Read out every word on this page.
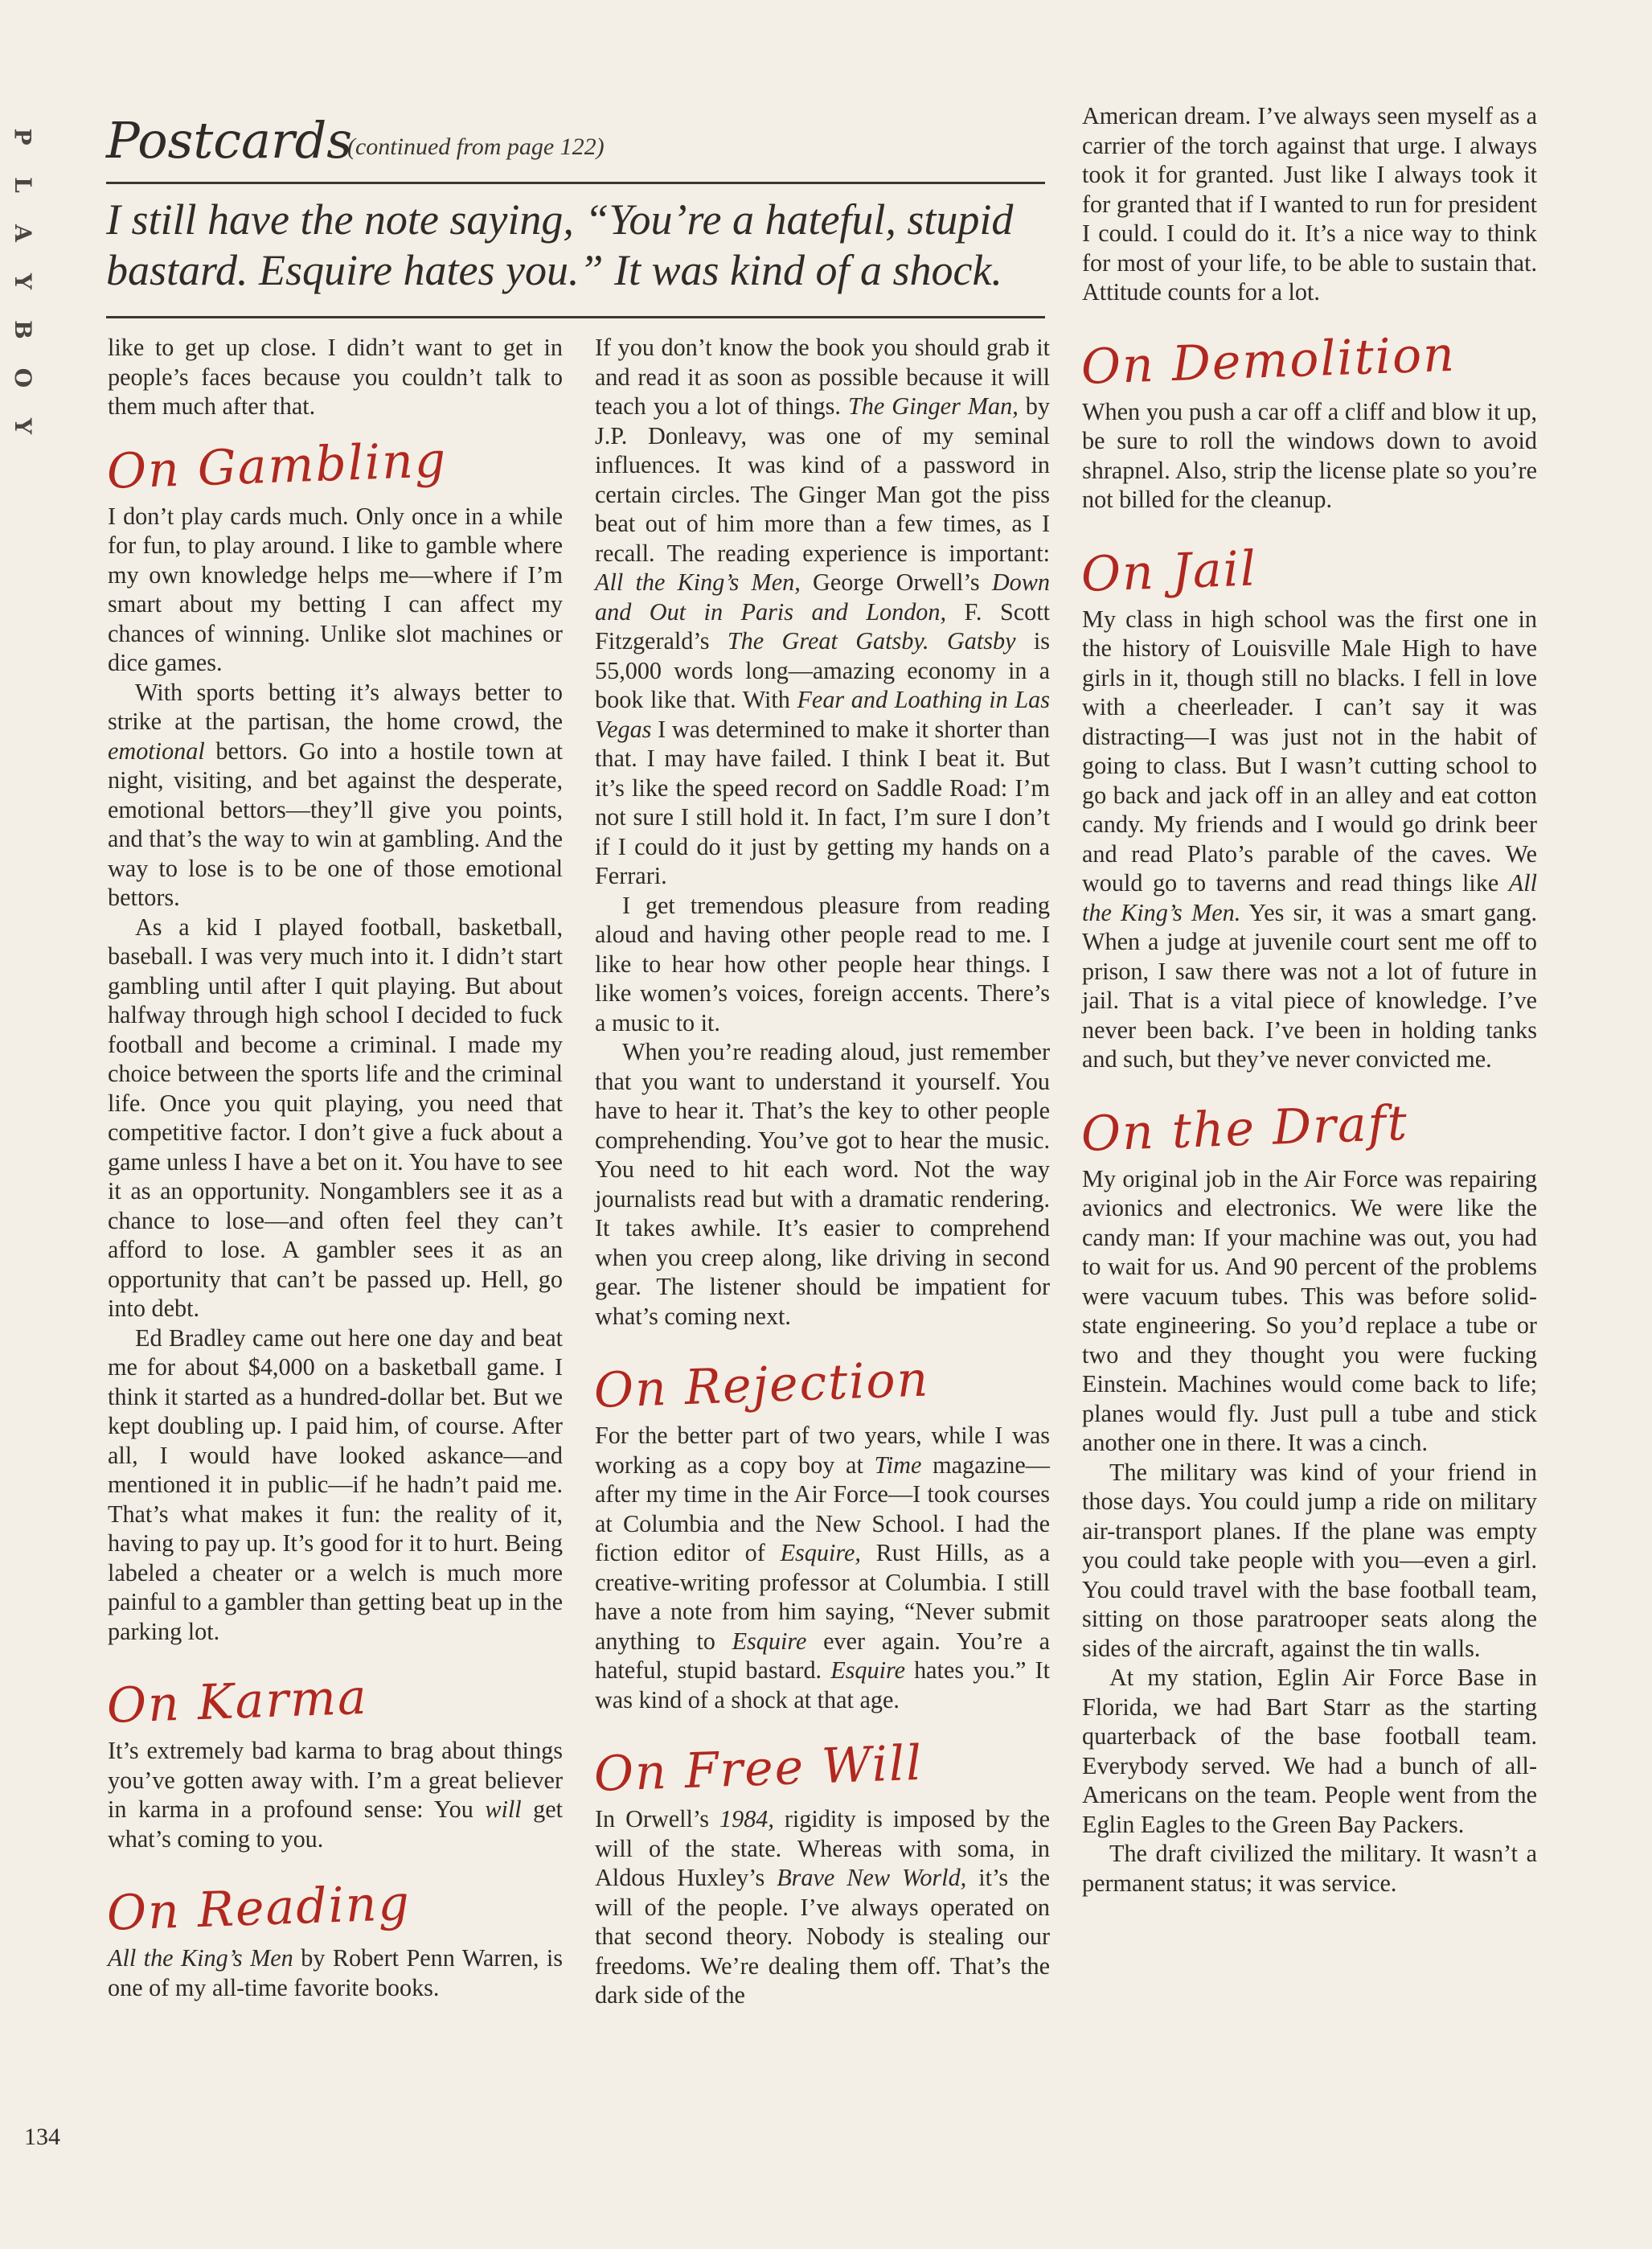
P
L
A
Y
B
O
Y
Postcards
(continued from page 122)
I still have the note saying, “You’re a hateful, stupid bastard. Esquire hates you.” It was kind of a shock.

like to get up close. I didn’t want to get in people’s faces because you couldn’t talk to them much after that.

On Gambling

I don’t play cards much. Only once in a while for fun, to play around. I like to gamble where my own knowledge helps me—where if I’m smart about my betting I can affect my chances of winning. Unlike slot machines or dice games.

With sports betting it’s always better to strike at the partisan, the home crowd, the emotional bettors. Go into a hostile town at night, visiting, and bet against the desperate, emotional bettors—they’ll give you points, and that’s the way to win at gambling. And the way to lose is to be one of those emotional bettors.

As a kid I played football, basketball, baseball. I was very much into it. I didn’t start gambling until after I quit playing. But about halfway through high school I decided to fuck football and become a criminal. I made my choice between the sports life and the criminal life. Once you quit playing, you need that competitive factor. I don’t give a fuck about a game unless I have a bet on it. You have to see it as an opportunity. Nongamblers see it as a chance to lose—and often feel they can’t afford to lose. A gambler sees it as an opportunity that can’t be passed up. Hell, go into debt.

Ed Bradley came out here one day and beat me for about $4,000 on a basketball game. I think it started as a hundred-dollar bet. But we kept doubling up. I paid him, of course. After all, I would have looked askance—and mentioned it in public—if he hadn’t paid me. That’s what makes it fun: the reality of it, having to pay up. It’s good for it to hurt. Being labeled a cheater or a welch is much more painful to a gambler than getting beat up in the parking lot.

On Karma

It’s extremely bad karma to brag about things you’ve gotten away with. I’m a great believer in karma in a profound sense: You will get what’s coming to you.

On Reading

All the King’s Men by Robert Penn Warren, is one of my all-time favorite books.

If you don’t know the book you should grab it and read it as soon as possible because it will teach you a lot of things. The Ginger Man, by J.P. Donleavy, was one of my seminal influences. It was kind of a password in certain circles. The Ginger Man got the piss beat out of him more than a few times, as I recall. The reading experience is important: All the King’s Men, George Orwell’s Down and Out in Paris and London, F. Scott Fitzgerald’s The Great Gatsby. Gatsby is 55,000 words long—amazing economy in a book like that. With Fear and Loathing in Las Vegas I was determined to make it shorter than that. I may have failed. I think I beat it. But it’s like the speed record on Saddle Road: I’m not sure I still hold it. In fact, I’m sure I don’t if I could do it just by getting my hands on a Ferrari.

I get tremendous pleasure from reading aloud and having other people read to me. I like to hear how other people hear things. I like women’s voices, foreign accents. There’s a music to it.

When you’re reading aloud, just remember that you want to understand it yourself. You have to hear it. That’s the key to other people comprehending. You’ve got to hear the music. You need to hit each word. Not the way journalists read but with a dramatic rendering. It takes awhile. It’s easier to comprehend when you creep along, like driving in second gear. The listener should be impatient for what’s coming next.

On Rejection

For the better part of two years, while I was working as a copy boy at Time magazine—after my time in the Air Force—I took courses at Columbia and the New School. I had the fiction editor of Esquire, Rust Hills, as a creative-writing professor at Columbia. I still have a note from him saying, “Never submit anything to Esquire ever again. You’re a hateful, stupid bastard. Esquire hates you.” It was kind of a shock at that age.

On Free Will

In Orwell’s 1984, rigidity is imposed by the will of the state. Whereas with soma, in Aldous Huxley’s Brave New World, it’s the will of the people. I’ve always operated on that second theory. Nobody is stealing our freedoms. We’re dealing them off. That’s the dark side of the

American dream. I’ve always seen myself as a carrier of the torch against that urge. I always took it for granted. Just like I always took it for granted that if I wanted to run for president I could. I could do it. It’s a nice way to think for most of your life, to be able to sustain that. Attitude counts for a lot.

On Demolition

When you push a car off a cliff and blow it up, be sure to roll the windows down to avoid shrapnel. Also, strip the license plate so you’re not billed for the cleanup.

On Jail

My class in high school was the first one in the history of Louisville Male High to have girls in it, though still no blacks. I fell in love with a cheerleader. I can’t say it was distracting—I was just not in the habit of going to class. But I wasn’t cutting school to go back and jack off in an alley and eat cotton candy. My friends and I would go drink beer and read Plato’s parable of the caves. We would go to taverns and read things like All the King’s Men. Yes sir, it was a smart gang. When a judge at juvenile court sent me off to prison, I saw there was not a lot of future in jail. That is a vital piece of knowledge. I’ve never been back. I’ve been in holding tanks and such, but they’ve never convicted me.

On the Draft

My original job in the Air Force was repairing avionics and electronics. We were like the candy man: If your machine was out, you had to wait for us. And 90 percent of the problems were vacuum tubes. This was before solid-state engineering. So you’d replace a tube or two and they thought you were fucking Einstein. Machines would come back to life; planes would fly. Just pull a tube and stick another one in there. It was a cinch.

The military was kind of your friend in those days. You could jump a ride on military air-transport planes. If the plane was empty you could take people with you—even a girl. You could travel with the base football team, sitting on those paratrooper seats along the sides of the aircraft, against the tin walls.

At my station, Eglin Air Force Base in Florida, we had Bart Starr as the starting quarterback of the base football team. Everybody served. We had a bunch of all-Americans on the team. People went from the Eglin Eagles to the Green Bay Packers.

The draft civilized the military. It wasn’t a permanent status; it was service.

134
